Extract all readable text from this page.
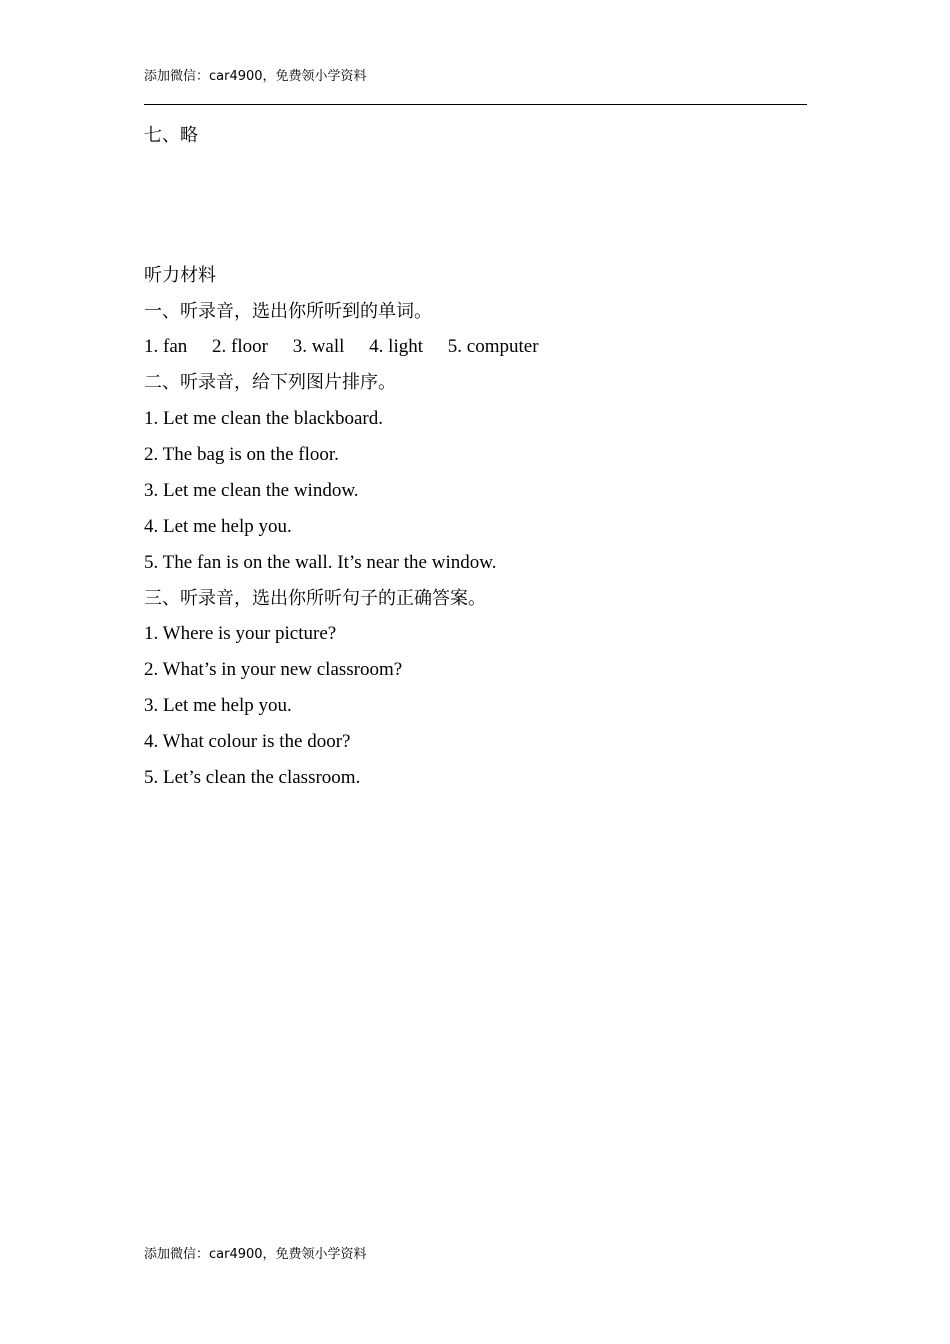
添加微信：car4900，免费领小学资料
七、略
听力材料
一、听录音，选出你所听到的单词。
1. fan 2. floor 3. wall 4. light 5. computer
二、听录音，给下列图片排序。
1. Let me clean the blackboard.
2. The bag is on the floor.
3. Let me clean the window.
4. Let me help you.
5. The fan is on the wall. It’s near the window.
三、听录音，选出你所听句子的正确答案。
1. Where is your picture?
2. What’s in your new classroom?
3. Let me help you.
4. What colour is the door?
5. Let’s clean the classroom.
添加微信：car4900，免费领小学资料
